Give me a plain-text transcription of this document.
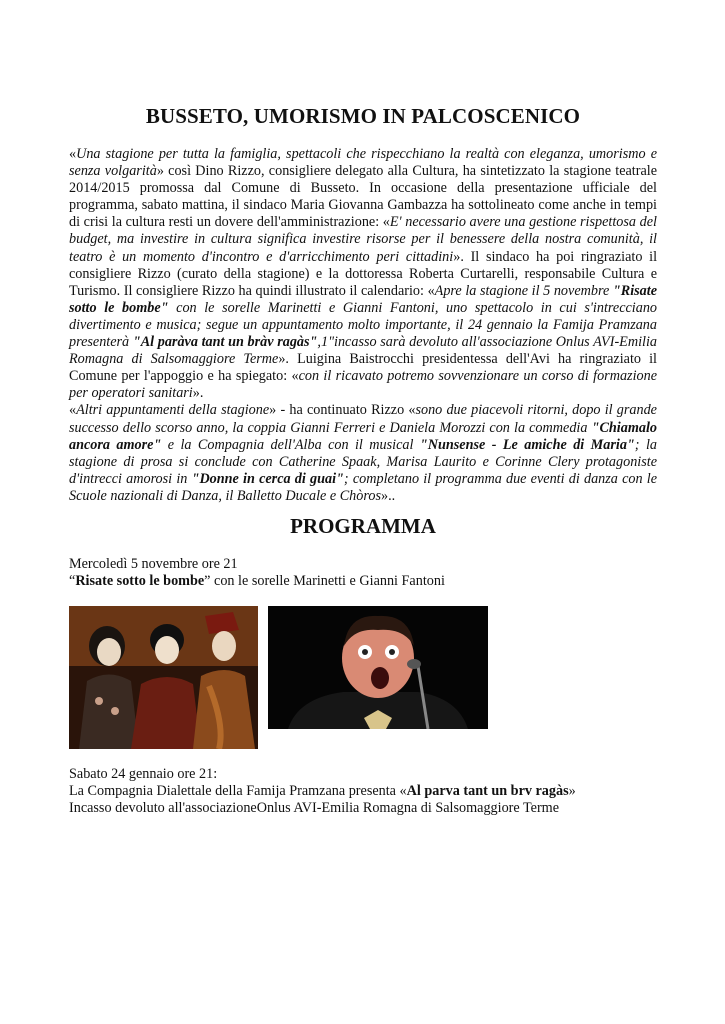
BUSSETO, UMORISMO IN PALCOSCENICO

«Una stagione per tutta la famiglia, spettacoli che rispecchiano la realtà con eleganza, umorismo e senza volgarità» così Dino Rizzo, consigliere delegato alla Cultura, ha sintetizzato la stagione teatrale 2014/2015 promossa dal Comune di Busseto. In occasione della presentazione ufficiale del programma, sabato mattina, il sindaco Maria Giovanna Gambazza ha sottolineato come anche in tempi di crisi la cultura resti un dovere dell'amministrazione: «E' necessario avere una gestione rispettosa del budget, ma investire in cultura significa investire risorse per il benessere della nostra comunità, il teatro è un momento d'incontro e d'arricchimento peri cittadini». Il sindaco ha poi ringraziato il consigliere Rizzo (curato della stagione) e la dottoressa Roberta Curtarelli, responsabile Cultura e Turismo. Il consigliere Rizzo ha quindi illustrato il calendario: «Apre la stagione il 5 novembre "Risate sotto le bombe" con le sorelle Marinetti e Gianni Fantoni, uno spettacolo in cui s'intrecciano divertimento e musica; segue un appuntamento molto importante, il 24 gennaio la Famija Pramzana presenterà "Al paràva tant un bràv ragàs",1"incasso sarà devoluto all'associazione Onlus AVI-Emilia Romagna di Salsomaggiore Terme». Luigina Baistrocchi presidentessa dell'Avi ha ringraziato il Comune per l'appoggio e ha spiegato: «con il ricavato potremo sovvenzionare un corso di formazione per operatori sanitari».

«Altri appuntamenti della stagione» - ha continuato Rizzo «sono due piacevoli ritorni, dopo il grande successo dello scorso anno, la coppia Gianni Ferreri e Daniela Morozzi con la commedia "Chiamalo ancora amore" e la Compagnia dell'Alba con il musical "Nunsense - Le amiche di Maria"; la stagione di prosa si conclude con Catherine Spaak, Marisa Laurito e Corinne Clery protagoniste d'intrecci amorosi in "Donne in cerca di guai"; completano il programma due eventi di danza con le Scuole nazionali di Danza, il Balletto Ducale e Chòros»..

PROGRAMMA
Mercoledì 5 novembre ore 21
“Risate sotto le bombe” con le sorelle Marinetti e Gianni Fantoni
Sabato 24 gennaio ore 21:
La Compagnia Dialettale della Famija Pramzana presenta «Al parva tant un brv ragàs»
Incasso devoluto all'associazioneOnlus AVI-Emilia Romagna di Salsomaggiore Terme
